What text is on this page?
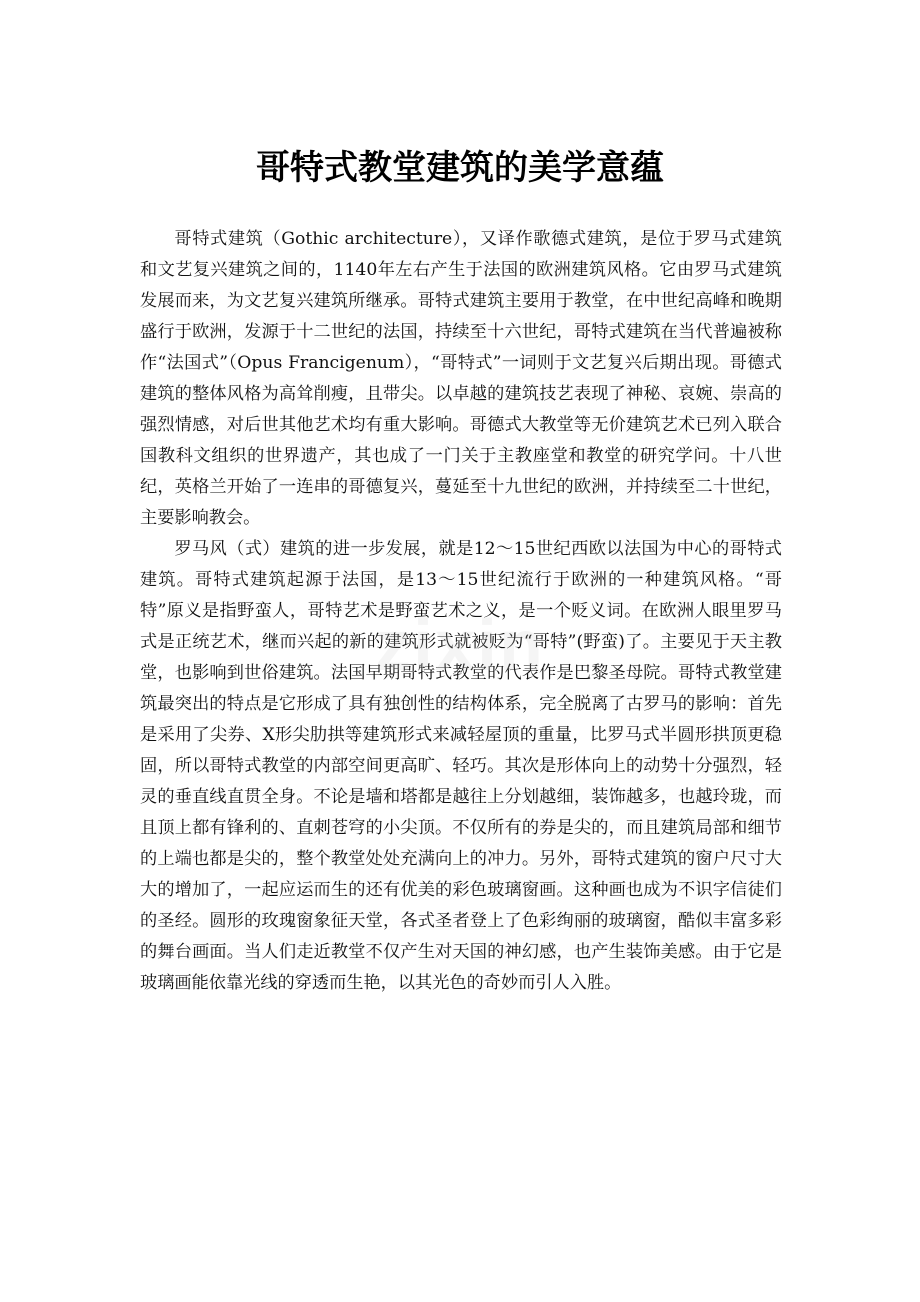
哥特式教堂建筑的美学意蕴

哥特式建筑（Gothic architecture），又译作歌德式建筑，是位于罗马式建筑和文艺复兴建筑之间的，1140年左右产生于法国的欧洲建筑风格。它由罗马式建筑发展而来，为文艺复兴建筑所继承。哥特式建筑主要用于教堂，在中世纪高峰和晚期盛行于欧洲，发源于十二世纪的法国，持续至十六世纪，哥特式建筑在当代普遍被称作“法国式”（Opus Francigenum），“哥特式”一词则于文艺复兴后期出现。哥德式建筑的整体风格为高耸削瘦，且带尖。以卓越的建筑技艺表现了神秘、哀婉、崇高的强烈情感，对后世其他艺术均有重大影响。哥德式大教堂等无价建筑艺术已列入联合国教科文组织的世界遗产，其也成了一门关于主教座堂和教堂的研究学问。十八世纪，英格兰开始了一连串的哥德复兴，蔓延至十九世纪的欧洲，并持续至二十世纪，主要影响教会。

罗马风（式）建筑的进一步发展，就是12～15世纪西欧以法国为中心的哥特式建筑。哥特式建筑起源于法国，是13～15世纪流行于欧洲的一种建筑风格。“哥特”原义是指野蛮人，哥特艺术是野蛮艺术之义，是一个贬义词。在欧洲人眼里罗马式是正统艺术，继而兴起的新的建筑形式就被贬为“哥特”(野蛮)了。主要见于天主教堂，也影响到世俗建筑。法国早期哥特式教堂的代表作是巴黎圣母院。哥特式教堂建筑最突出的特点是它形成了具有独创性的结构体系，完全脱离了古罗马的影响：首先是采用了尖券、X形尖肋拱等建筑形式来减轻屋顶的重量，比罗马式半圆形拱顶更稳固，所以哥特式教堂的内部空间更高旷、轻巧。其次是形体向上的动势十分强烈，轻灵的垂直线直贯全身。不论是墙和塔都是越往上分划越细，装饰越多，也越玲珑，而且顶上都有锋利的、直刺苍穹的小尖顶。不仅所有的券是尖的，而且建筑局部和细节的上端也都是尖的，整个教堂处处充满向上的冲力。另外，哥特式建筑的窗户尺寸大大的增加了，一起应运而生的还有优美的彩色玻璃窗画。这种画也成为不识字信徒们的圣经。圆形的玫瑰窗象征天堂，各式圣者登上了色彩绚丽的玻璃窗，酷似丰富多彩的舞台画面。当人们走近教堂不仅产生对天国的神幻感，也产生装饰美感。由于它是玻璃画能依靠光线的穿透而生艳，以其光色的奇妙而引人入胜。

zixin
